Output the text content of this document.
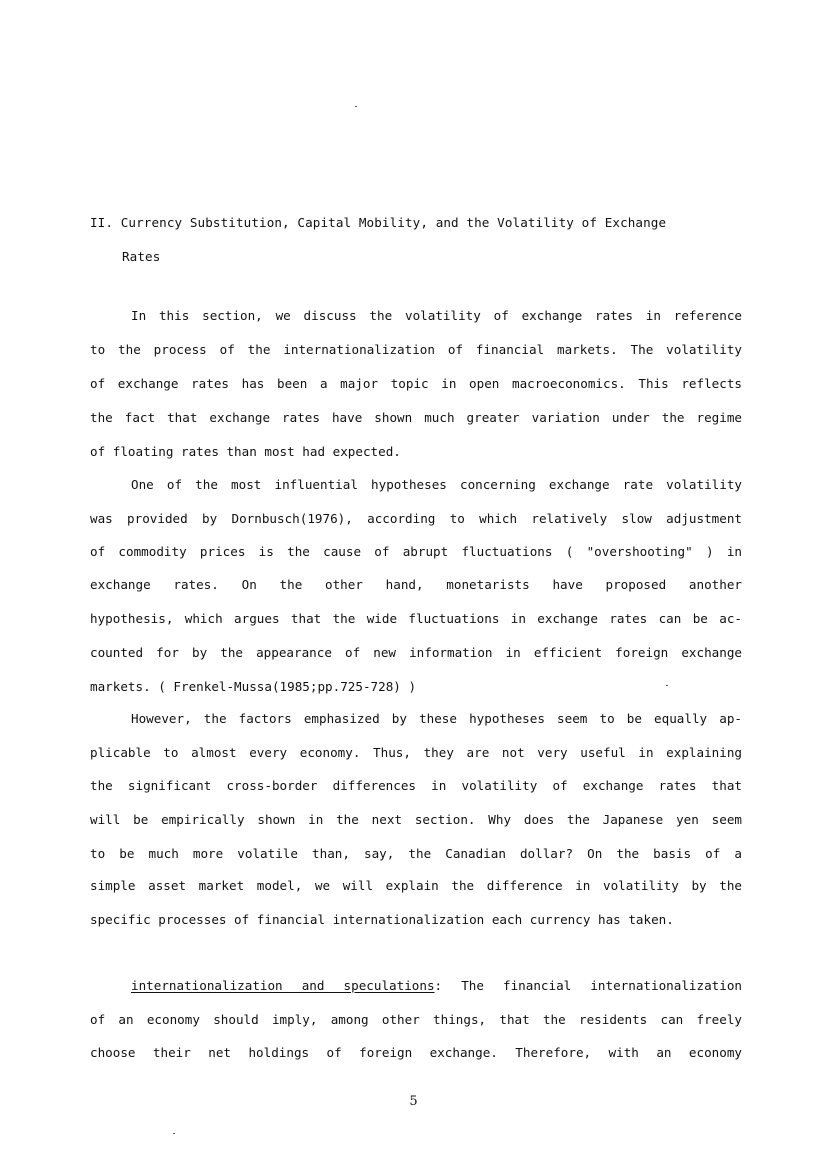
II. Currency Substitution, Capital Mobility, and the Volatility of Exchange
Rates
In this section, we discuss the volatility of exchange rates in reference
to the process of the internationalization of financial markets. The volatility
of exchange rates has been a major topic in open macroeconomics. This reflects
the fact that exchange rates have shown much greater variation under the regime
of floating rates than most had expected.
One of the most influential hypotheses concerning exchange rate volatility
was provided by Dornbusch(1976), according to which relatively slow adjustment
of commodity prices is the cause of abrupt fluctuations ( "overshooting" ) in
exchange rates. On the other hand, monetarists have proposed another
hypothesis, which argues that the wide fluctuations in exchange rates can be ac-
counted for by the appearance of new information in efficient foreign exchange
markets. ( Frenkel-Mussa(1985;pp.725-728) )
However, the factors emphasized by these hypotheses seem to be equally ap-
plicable to almost every economy. Thus, they are not very useful in explaining
the significant cross-border differences in volatility of exchange rates that
will be empirically shown in the next section. Why does the Japanese yen seem
to be much more volatile than, say, the Canadian dollar? On the basis of a
simple asset market model, we will explain the difference in volatility by the
specific processes of financial internationalization each currency has taken.
internationalization and speculations: The financial internationalization
of an economy should imply, among other things, that the residents can freely
choose their net holdings of foreign exchange. Therefore, with an economy
5
